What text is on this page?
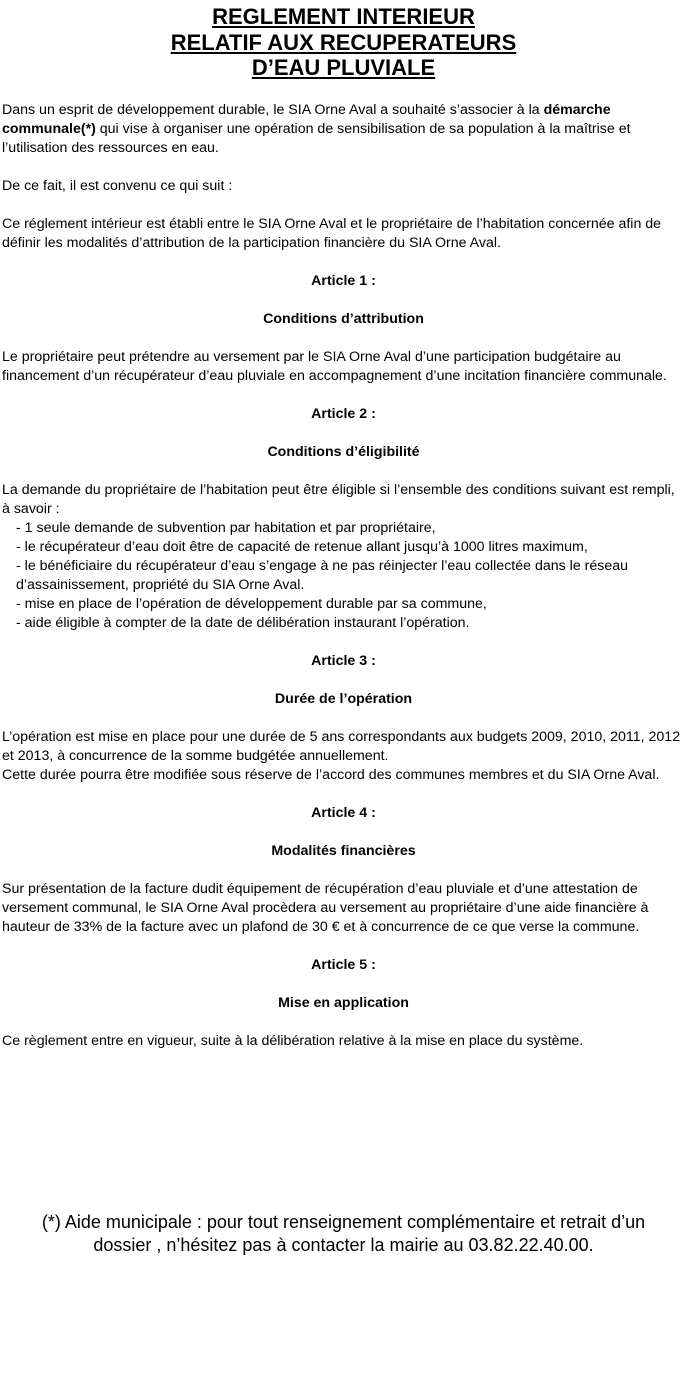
REGLEMENT INTERIEUR
RELATIF AUX RECUPERATEURS
D’EAU PLUVIALE

Dans un esprit de développement durable, le SIA Orne Aval a souhaité s’associer à la démarche communale(*) qui vise à organiser une opération de sensibilisation de sa population à la maîtrise et l’utilisation des ressources en eau.

De ce fait, il est convenu ce qui suit :

Ce réglement intérieur est établi entre le SIA Orne Aval et le propriétaire de l’habitation concernée afin de définir les modalités d’attribution de la participation financière du SIA Orne Aval.

Article 1 :

Conditions d’attribution

Le propriétaire peut prétendre au versement par le SIA Orne Aval d’une participation budgétaire au financement d’un récupérateur d’eau pluviale en accompagnement d’une incitation financière communale.

Article 2 :

Conditions d’éligibilité

La demande du propriétaire de l’habitation peut être éligible si l’ensemble des conditions suivant est rempli, à savoir :

- 1 seule demande de subvention par habitation et par propriétaire,
- le récupérateur d’eau doit être de capacité de retenue allant jusqu’à 1000 litres maximum,
- le bénéficiaire du récupérateur d’eau s’engage à ne pas réinjecter l’eau collectée dans le réseau d’assainissement, propriété du SIA Orne Aval.
- mise en place de l’opération de développement durable par sa commune,
- aide éligible à compter de la date de délibération instaurant l’opération.

Article 3 :

Durée de l’opération

L’opération est mise en place pour une durée de 5 ans correspondants aux budgets 2009, 2010, 2011, 2012 et 2013, à concurrence de la somme budgétée annuellement.

Cette durée pourra être modifiée sous réserve de l’accord des communes membres et du SIA Orne Aval.

Article 4 :

Modalités financières

Sur présentation de la facture dudit équipement de récupération d’eau pluviale et d’une attestation de versement communal, le SIA Orne Aval procèdera au versement au propriétaire d’une aide financière à hauteur de 33% de la facture avec un plafond de 30 € et à concurrence de ce que verse la commune.

Article 5 :

Mise en application

Ce règlement entre en vigueur, suite à la délibération relative à la mise en place du système.

(*) Aide municipale : pour tout renseignement complémentaire et retrait d’un
dossier , n’hésitez pas à contacter la mairie au 03.82.22.40.00.
